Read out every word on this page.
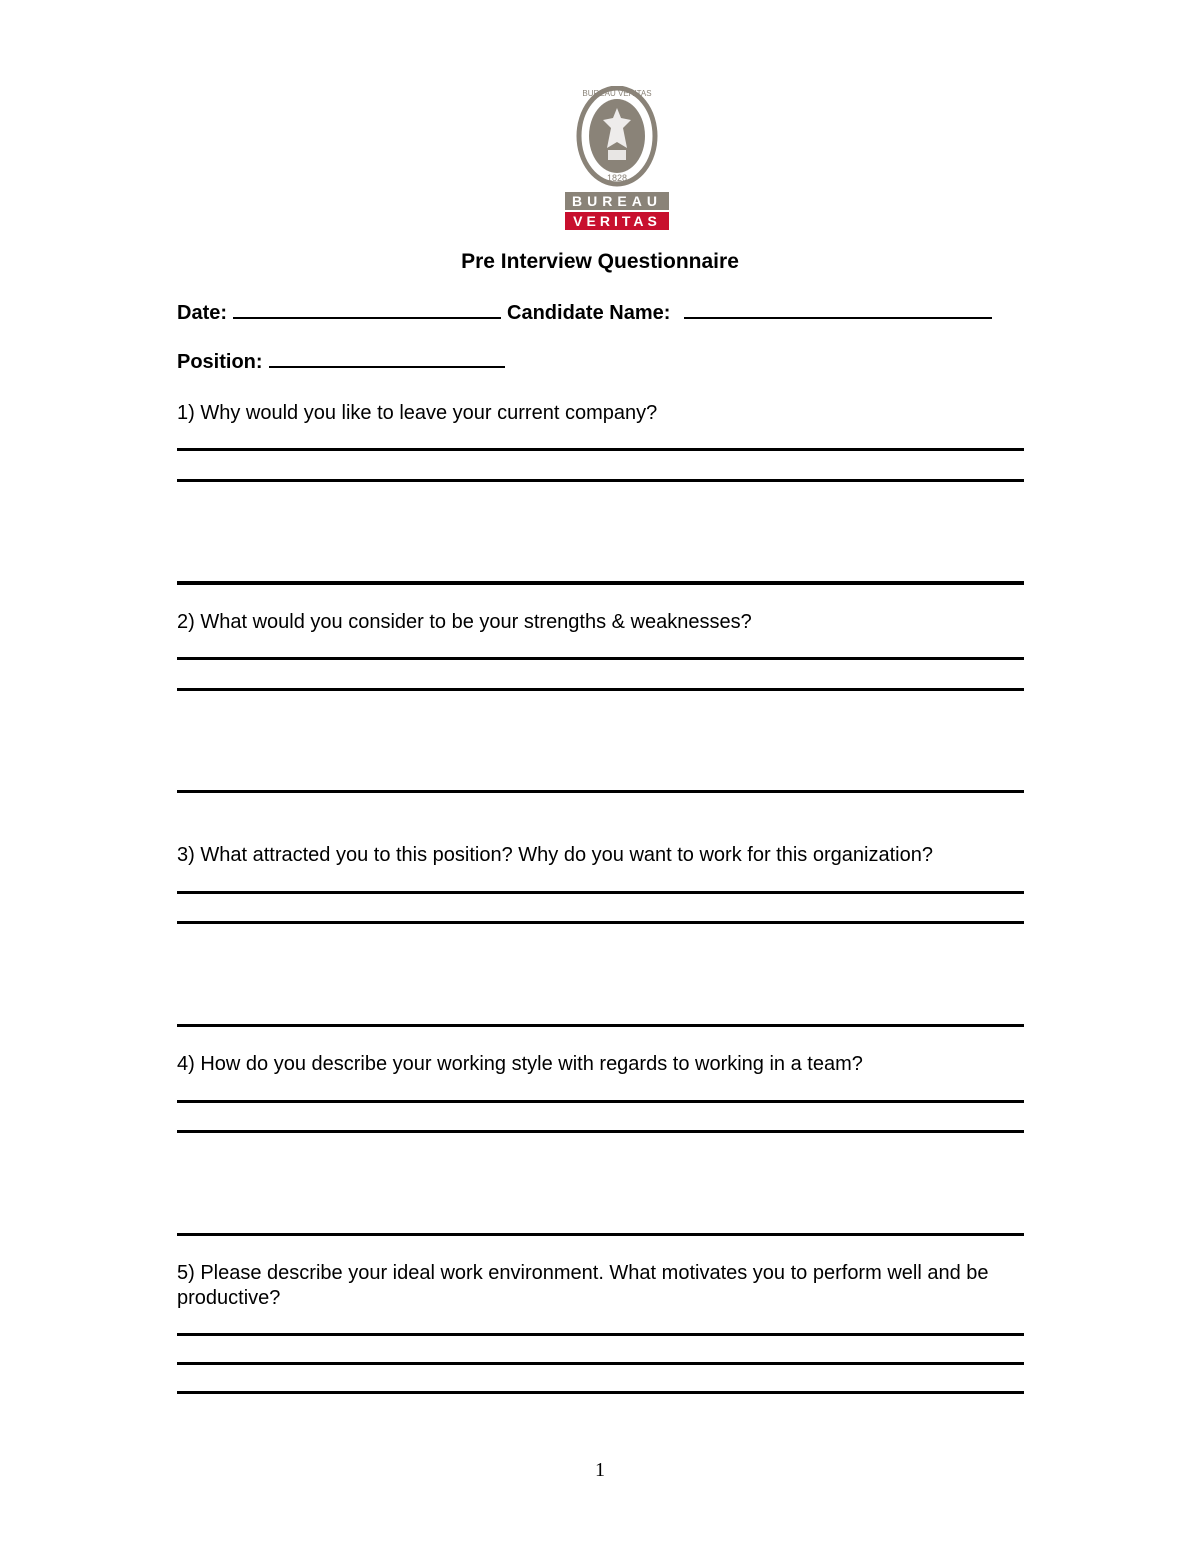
BUREAU VERITAS
1828
BUREAU
VERITAS
Pre Interview Questionnaire
Date:	Candidate Name:
Position:
1) Why would you like to leave your current company?
2) What would you consider to be your strengths & weaknesses?
3) What attracted you to this position? Why do you want to work for this organization?
4) How do you describe your working style with regards to working in a team?
5) Please describe your ideal work environment. What motivates you to perform well and be productive?
1
